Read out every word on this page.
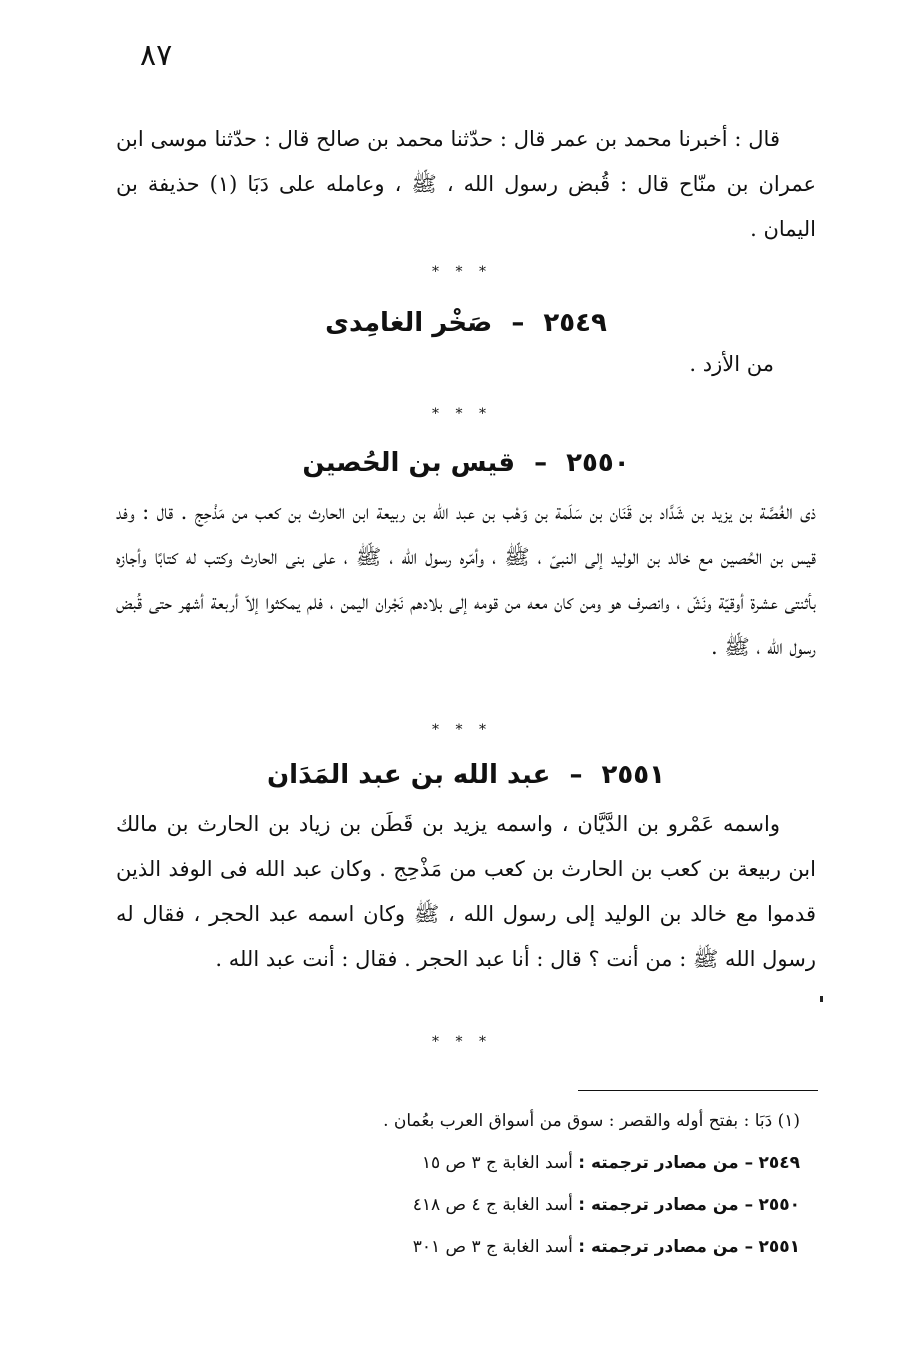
٨٧

قال : أخبرنا محمد بن عمر قال : حدّثنا محمد بن صالح قال : حدّثنا موسى ابن عمران بن منّاح قال : قُبض رسول الله ، ﷺ ، وعامله على دَبَا (١) حذيفة بن اليمان .

* * *
٢٥٤٩ – صَخْر الغامِدى
من الأزد .
* * *
٢٥٥٠ – قيس بن الحُصين

ذى الغُصَّة بن يزيد بن شَدَّاد بن قَنَان بن سَلَمة بن وَهْب بن عبد الله بن ربيعة ابن الحارث بن كعب من مَذْحِج . قال : وفد قيس بن الحُصين مع خالد بن الوليد إلى النبىّ ، ﷺ ، وأمّره رسول الله ، ﷺ ، على بنى الحارث وكتب له كتابًا وأجازه بأثنتى عشرة أوقيّة ونَشّ ، وانصرف هو ومن كان معه من قومه إلى بلادهم نَجْران اليمن ، فلم يمكثوا إلاّ أربعة أشهر حتى قُبض رسول الله ، ﷺ .

* * *
٢٥٥١ – عبد الله بن عبد المَدَان

واسمه عَمْرو بن الدَّيَّان ، واسمه يزيد بن قَطَن بن زياد بن الحارث بن مالك ابن ربيعة بن كعب بن الحارث بن كعب من مَذْحِج . وكان عبد الله فى الوفد الذين قدموا مع خالد بن الوليد إلى رسول الله ، ﷺ وكان اسمه عبد الحجر ، فقال له رسول الله ﷺ : من أنت ؟ قال : أنا عبد الحجر . فقال : أنت عبد الله .

* * *
(١) دَبَا : بفتح أوله والقصر : سوق من أسواق العرب بعُمان .
٢٥٤٩ – من مصادر ترجمته : أسد الغابة ج ٣ ص ١٥
٢٥٥٠ – من مصادر ترجمته : أسد الغابة ج ٤ ص ٤١٨
٢٥٥١ – من مصادر ترجمته : أسد الغابة ج ٣ ص ٣٠١
